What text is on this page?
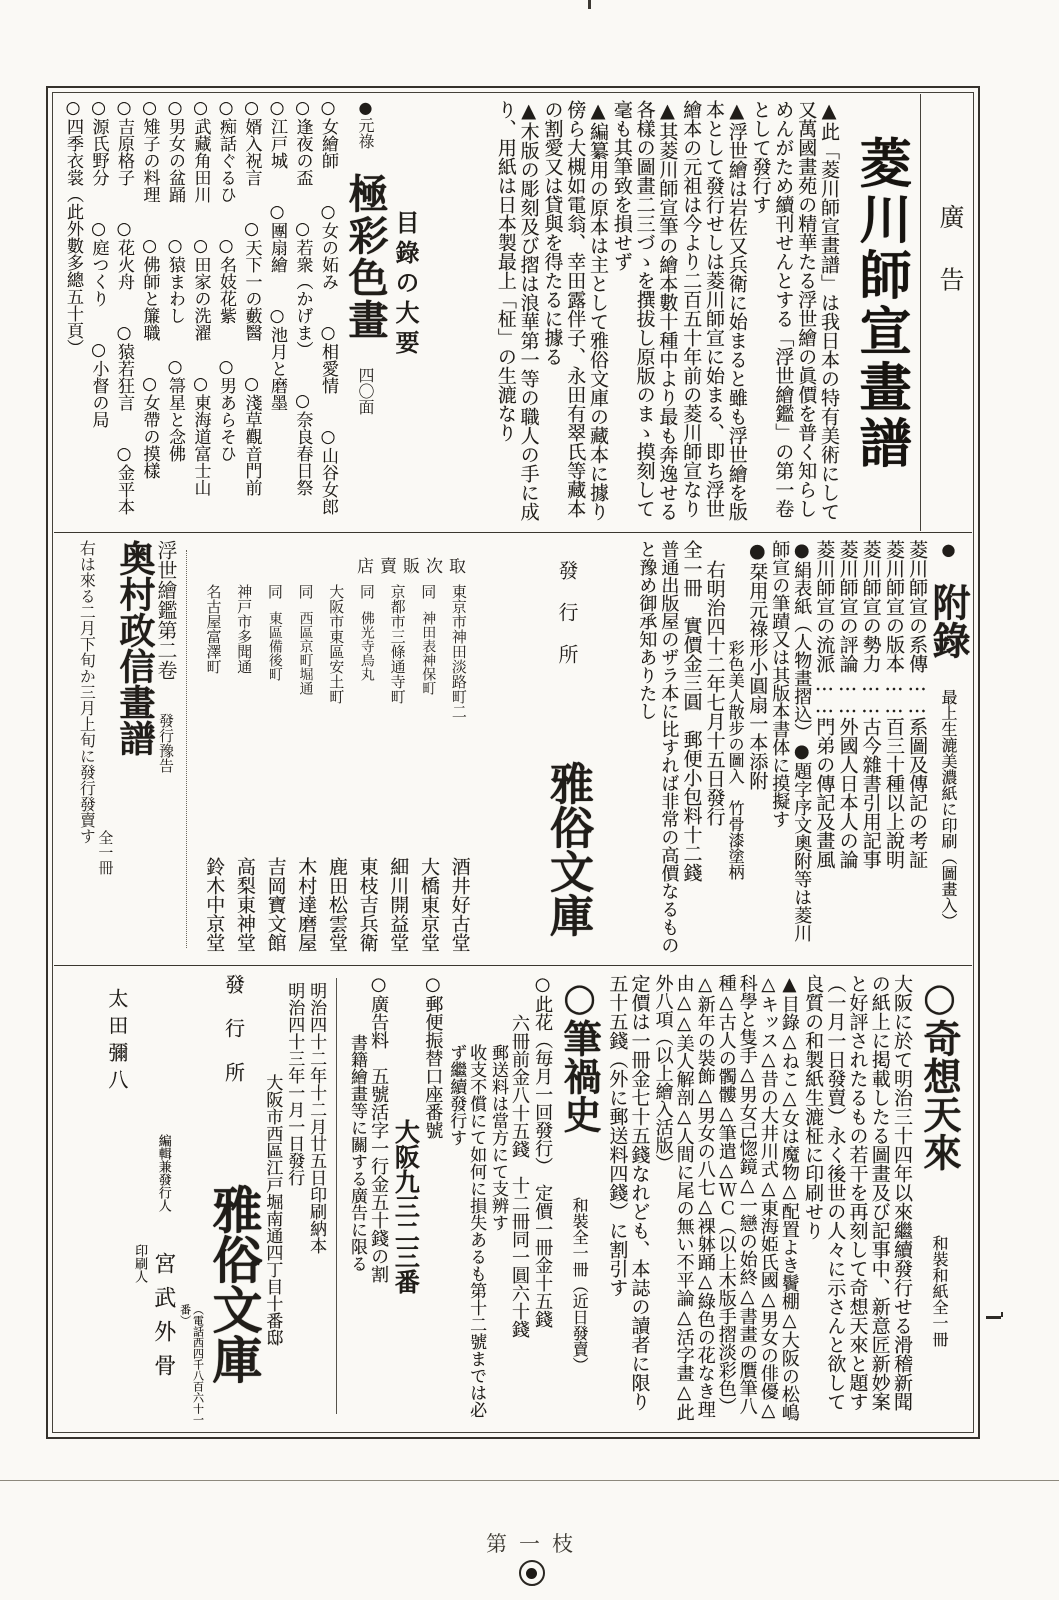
廣告
菱川師宣畫譜

▲此「菱川師宣畫譜」は我日本の特有美術にして又萬國畫苑の精華たる浮世繪の眞價を普く知らしめんがため續刊せんとする「浮世繪鑑」の第一卷として發行す

▲浮世繪は岩佐又兵衛に始まると雖も浮世繪を版本として發行せしは菱川師宣に始まる、即ち浮世繪本の元祖は今より二百五十年前の菱川師宣なり

▲其菱川師宣筆の繪本數十種中より最も奔逸せる各樣の圖畫二三づゝを撰拔し原版のまゝ摸刻して毫も其筆致を損せず

▲編纂用の原本は主として雅俗文庫の藏本に據り傍ら大槻如電翁、幸田露伴子、永田有翠氏等藏本の割愛又は貸與を得たるに據る

▲木版の彫刻及び摺は浪華第一等の職人の手に成り、用紙は日本製最上「柾」の生漉なり

目錄の大要
●元祿 極彩色畫 四〇面
○女繪師 ○女の妬み ○相愛情 ○山谷女郎 ○逢夜の盃 ○若衆（かげま） ○奈良春日祭 ○江戸城 ○團扇繪 ○池月と磨墨 ○婿入祝言 ○天下一の藪醫 ○淺草觀音門前 ○痴話ぐるひ ○名妓花紫 ○男あらそひ ○武藏角田川 ○田家の洗濯 ○東海道富士山 ○男女の盆踊 ○猿まわし ○箒星と念佛 ○雉子の料理 ○佛師と簾職 ○女帶の摸樣 ○吉原格子 ○花火舟 ○猿若狂言 ○金平本 ○源氏野分 ○庭つくり ○小督の局 ○四季衣裳（此外數多總五十頁）
● 附錄 最上生漉美濃紙に印刷（圖畫入）

菱川師宣の系傳……系圖及傳記の考証

菱川師宣の版本……百三十種以上說明

菱川師宣の勢力……古今雜書引用記事

菱川師宣の評論……外國人日本人の論

菱川師宣の流派……門弟の傳記及畫風

●絹表紙（人物畫摺込）●題字序文奧附等は菱川師宣の筆蹟又は其版本書体に摸擬す

●栞用元祿形小圓扇一本添附

彩色美人散步の圖入　竹骨漆塗柄

右明治四十二年七月十五日發行

全一冊　實價金三圓　郵便小包料十二錢

普通出版屋のザラ本に比すれば非常の高價なるものと豫め御承知ありたし

發行所 雅俗文庫
取次販賣店
東京市神田淡路町二
酒井好古堂
同神田表神保町
大橋東京堂
京都市三條通寺町
細川開益堂
同佛光寺烏丸
東枝吉兵衛
大阪市東區安土町
鹿田松雲堂
同西區京町堀通
木村達磨屋
同東區備後町
吉岡寶文館
神戸市多聞通
高梨東神堂
名古屋富澤町
鈴木中京堂

浮世繪鑑第二卷 發行豫告

奥村政信畫譜

全一冊

右は來る二月下旬か三月上旬に發行發賣す

○奇想天來 和裝和紙全一冊

大阪に於て明治三十四年以來繼續發行せる滑稽新聞の紙上に掲載したる圖畫及び記事中、新意匠新妙案と好評されたるもの若干を再刻して奇想天來と題す（一月一日發賣）永く後世の人々に示さんと欲して良質の和製紙生漉柾に印刷せり

▲目錄△ねこ△女は魔物△配置よき鬢棚△大阪の松嶋△キッス△昔の大井川式△東海姫氏國△男女の俳優△科學と隻手△男女己惚鏡△一戀の始終△書畫の贋筆八種△古人の髑髏△筆遣△ＷＣ（以上木版手摺淡彩色）△新年の裝飾△男女の八七△裸躰踊△綠色の花なき理由△△美人解剖△人間に尾の無い不平論△活字畫△此外八項（以上繪入活版）

定價は一冊金七十五錢なれども、本誌の讀者に限り五十五錢（外に郵送料四錢）に割引す

○筆禍史 和裝全一冊（近日發賣）

○此花（毎月一回發行）　定價一冊金十五錢

六冊前金八十五錢　十二冊同一圓六十錢

郵送料は當方にて支辨す

收支不償にて如何に損失あるも第十二號までは必ず繼續發行す

○郵便振替口座番號

大阪九三二三番

○廣告料　五號活字一行金五十錢の割

書籍繪畫等に關する廣告に限る

明治四十二年十二月廿五日印刷納本

明治四十三年一月一日發行

大阪市西區江戸堀南通四丁目十番邸

發行所 雅俗文庫

（電話西四千八百六十一番）

編輯兼發行人 宮武外骨
印刷人 太田彌八
第一枝
